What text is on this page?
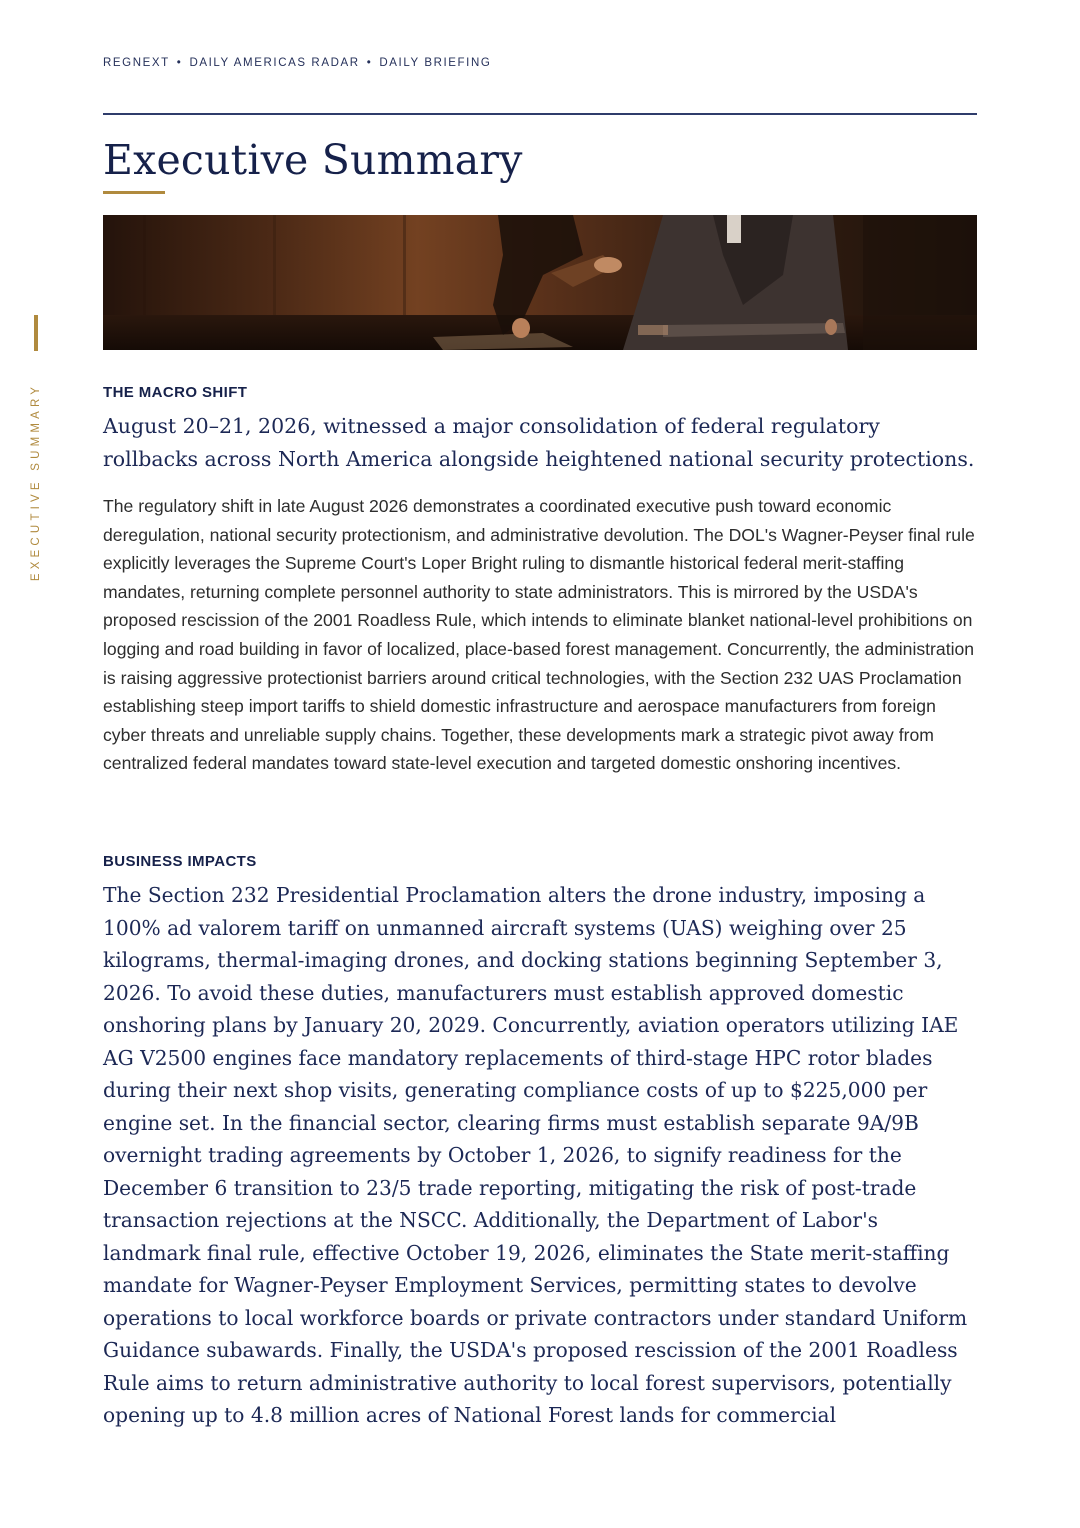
REGNEXT • DAILY AMERICAS RADAR • DAILY BRIEFING
Executive Summary
EXECUTIVE SUMMARY	THE MACRO SHIFT

August 20–21, 2026, witnessed a major consolidation of federal regulatory rollbacks across North America alongside heightened national security protections.

The regulatory shift in late August 2026 demonstrates a coordinated executive push toward economic deregulation, national security protectionism, and administrative devolution. The DOL's Wagner-Peyser final rule explicitly leverages the Supreme Court's Loper Bright ruling to dismantle historical federal merit-staffing mandates, returning complete personnel authority to state administrators. This is mirrored by the USDA's proposed rescission of the 2001 Roadless Rule, which intends to eliminate blanket national-level prohibitions on logging and road building in favor of localized, place-based forest management. Concurrently, the administration is raising aggressive protectionist barriers around critical technologies, with the Section 232 UAS Proclamation establishing steep import tariffs to shield domestic infrastructure and aerospace manufacturers from foreign cyber threats and unreliable supply chains. Together, these developments mark a strategic pivot away from centralized federal mandates toward state-level execution and targeted domestic onshoring incentives.

BUSINESS IMPACTS

The Section 232 Presidential Proclamation alters the drone industry, imposing a 100% ad valorem tariff on unmanned aircraft systems (UAS) weighing over 25 kilograms, thermal-imaging drones, and docking stations beginning September 3, 2026. To avoid these duties, manufacturers must establish approved domestic onshoring plans by January 20, 2029. Concurrently, aviation operators utilizing IAE AG V2500 engines face mandatory replacements of third-stage HPC rotor blades during their next shop visits, generating compliance costs of up to $225,000 per engine set. In the financial sector, clearing firms must establish separate 9A/9B overnight trading agreements by October 1, 2026, to signify readiness for the December 6 transition to 23/5 trade reporting, mitigating the risk of post-trade transaction rejections at the NSCC. Additionally, the Department of Labor's landmark final rule, effective October 19, 2026, eliminates the State merit-staffing mandate for Wagner-Peyser Employment Services, permitting states to devolve operations to local workforce boards or private contractors under standard Uniform Guidance subawards. Finally, the USDA's proposed rescission of the 2001 Roadless Rule aims to return administrative authority to local forest supervisors, potentially opening up to 4.8 million acres of National Forest lands for commercial
